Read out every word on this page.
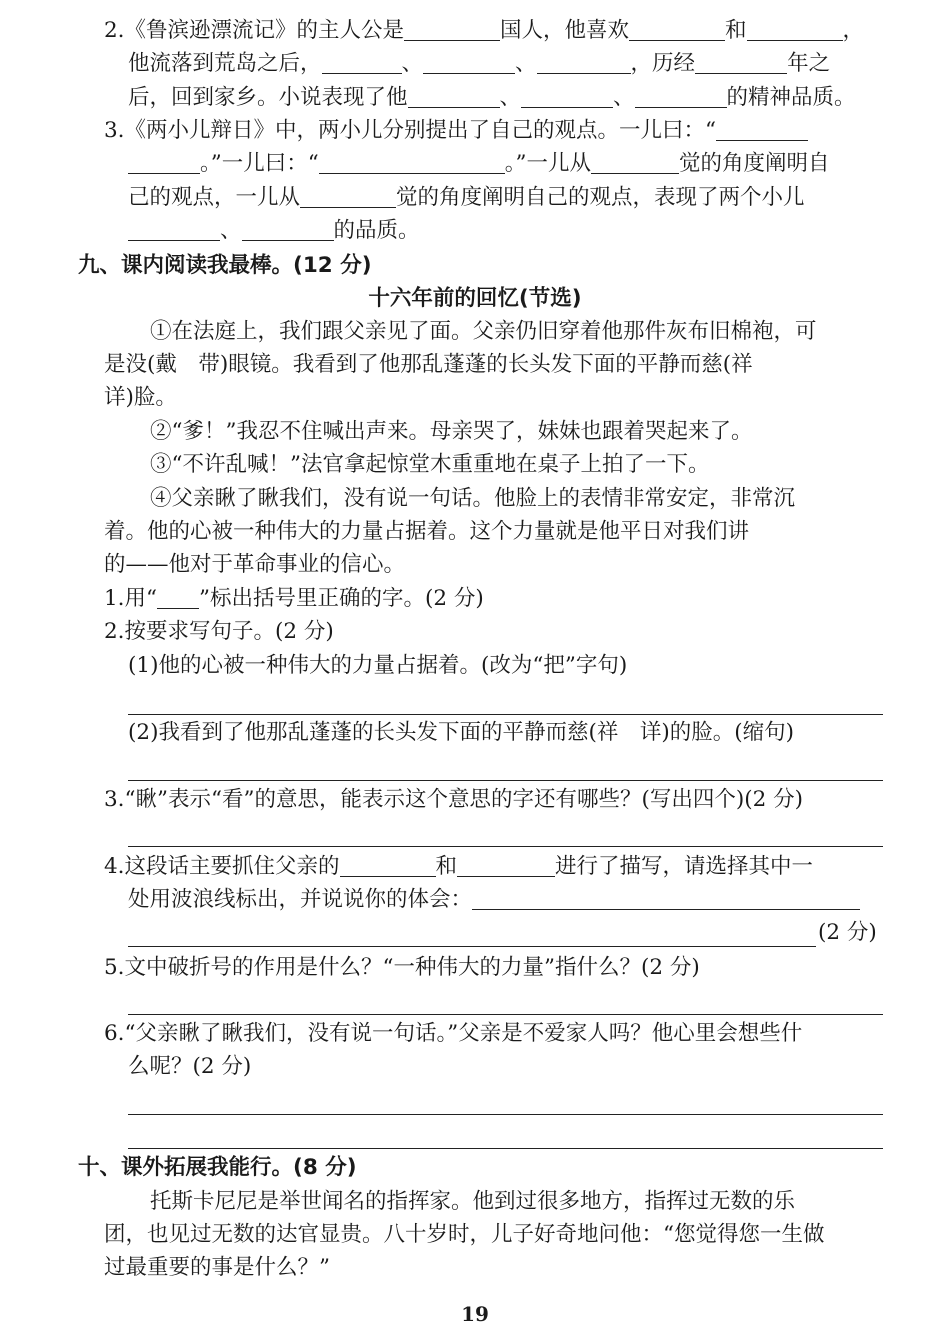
2.《鲁滨逊漂流记》的主人公是	国人，他喜欢	和	，
他流落到荒岛之后，	、	、	，历经	年之
后，回到家乡。小说表现了他	、	、	的精神品质。
3.《两小儿辩日》中，两小儿分别提出了自己的观点。一儿曰：“
。”一儿曰：“	。”一儿从	觉的角度阐明自
己的观点，一儿从	觉的角度阐明自己的观点，表现了两个小儿
、	的品质。
九、课内阅读我最棒。(12 分)
十六年前的回忆(节选)
①在法庭上，我们跟父亲见了面。父亲仍旧穿着他那件灰布旧棉袍，可
是没(戴　带)眼镜。我看到了他那乱蓬蓬的长头发下面的平静而慈(祥
详)脸。
②“爹！”我忍不住喊出声来。母亲哭了，妹妹也跟着哭起来了。
③“不许乱喊！”法官拿起惊堂木重重地在桌子上拍了一下。
④父亲瞅了瞅我们，没有说一句话。他脸上的表情非常安定，非常沉
着。他的心被一种伟大的力量占据着。这个力量就是他平日对我们讲
的——他对于革命事业的信心。
1.用“ ”标出括号里正确的字。(2 分)
2.按要求写句子。(2 分)
(1)他的心被一种伟大的力量占据着。(改为“把”字句)
(2)我看到了他那乱蓬蓬的长头发下面的平静而慈(祥　详)的脸。(缩句)
3.“瞅”表示“看”的意思，能表示这个意思的字还有哪些？(写出四个)(2 分)
4.这段话主要抓住父亲的	和	进行了描写，请选择其中一
处用波浪线标出，并说说你的体会：
(2 分)
5.文中破折号的作用是什么？“一种伟大的力量”指什么？(2 分)
6.“父亲瞅了瞅我们，没有说一句话。”父亲是不爱家人吗？他心里会想些什
么呢？(2 分)
十、课外拓展我能行。(8 分)
托斯卡尼尼是举世闻名的指挥家。他到过很多地方，指挥过无数的乐
团，也见过无数的达官显贵。八十岁时，儿子好奇地问他：“您觉得您一生做
过最重要的事是什么？”
19
